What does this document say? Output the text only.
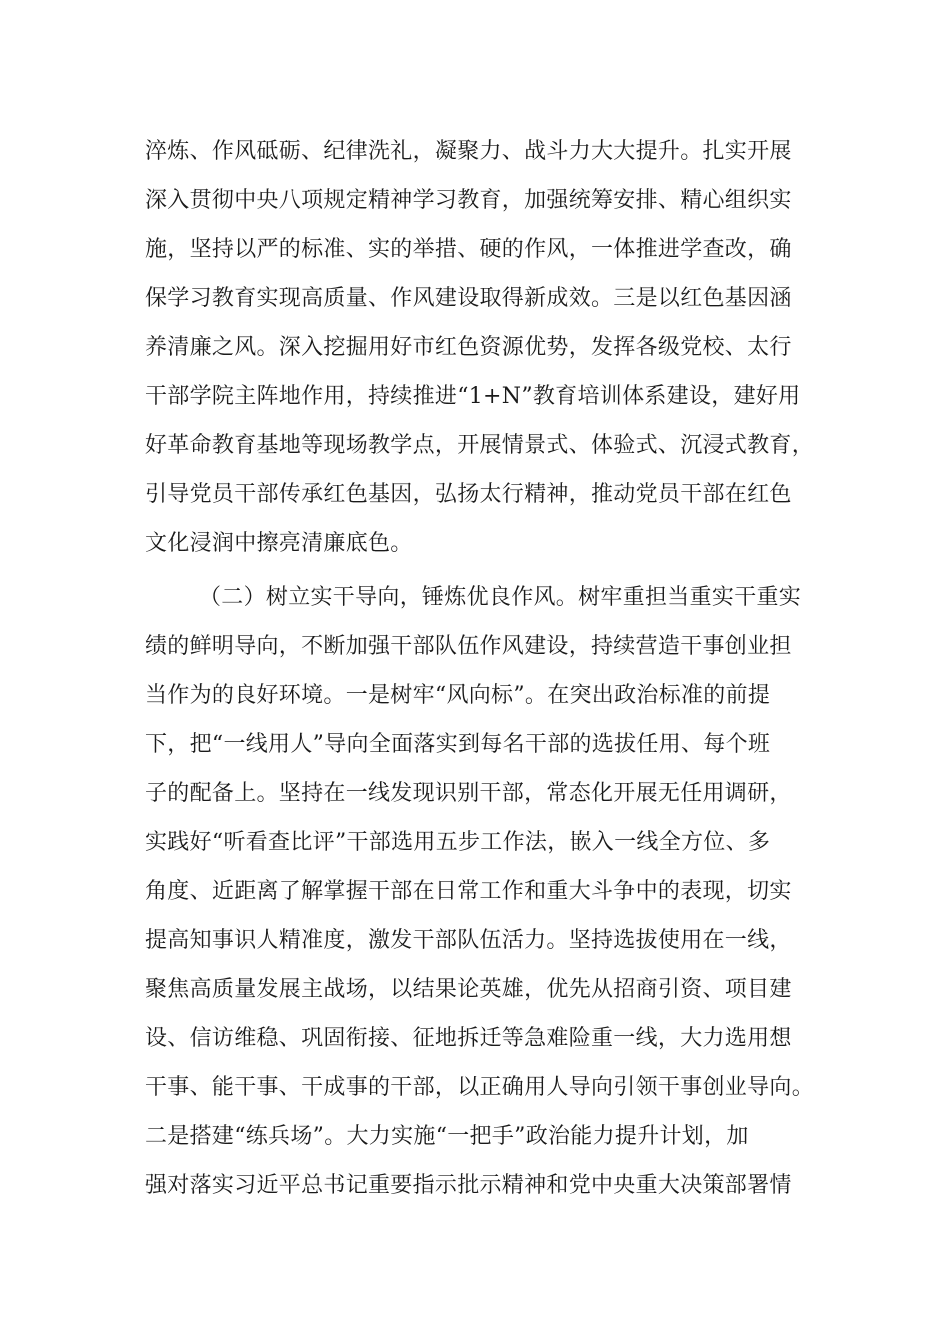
淬炼、作风砥砺、纪律洗礼，凝聚力、战斗力大大提升。扎实开展
深入贯彻中央八项规定精神学习教育，加强统筹安排、精心组织实
施，坚持以严的标准、实的举措、硬的作风，一体推进学查改，确
保学习教育实现高质量、作风建设取得新成效。三是以红色基因涵
养清廉之风。深入挖掘用好市红色资源优势，发挥各级党校、太行
干部学院主阵地作用，持续推进“1+N”教育培训体系建设，建好用
好革命教育基地等现场教学点，开展情景式、体验式、沉浸式教育，
引导党员干部传承红色基因，弘扬太行精神，推动党员干部在红色
文化浸润中擦亮清廉底色。
（二）树立实干导向，锤炼优良作风。树牢重担当重实干重实
绩的鲜明导向，不断加强干部队伍作风建设，持续营造干事创业担
当作为的良好环境。一是树牢“风向标”。在突出政治标准的前提
下，把“一线用人”导向全面落实到每名干部的选拔任用、每个班
子的配备上。坚持在一线发现识别干部，常态化开展无任用调研，
实践好“听看查比评”干部选用五步工作法，嵌入一线全方位、多
角度、近距离了解掌握干部在日常工作和重大斗争中的表现，切实
提高知事识人精准度，激发干部队伍活力。坚持选拔使用在一线，
聚焦高质量发展主战场，以结果论英雄，优先从招商引资、项目建
设、信访维稳、巩固衔接、征地拆迁等急难险重一线，大力选用想
干事、能干事、干成事的干部，以正确用人导向引领干事创业导向。
二是搭建“练兵场”。大力实施“一把手”政治能力提升计划，加
强对落实习近平总书记重要指示批示精神和党中央重大决策部署情
